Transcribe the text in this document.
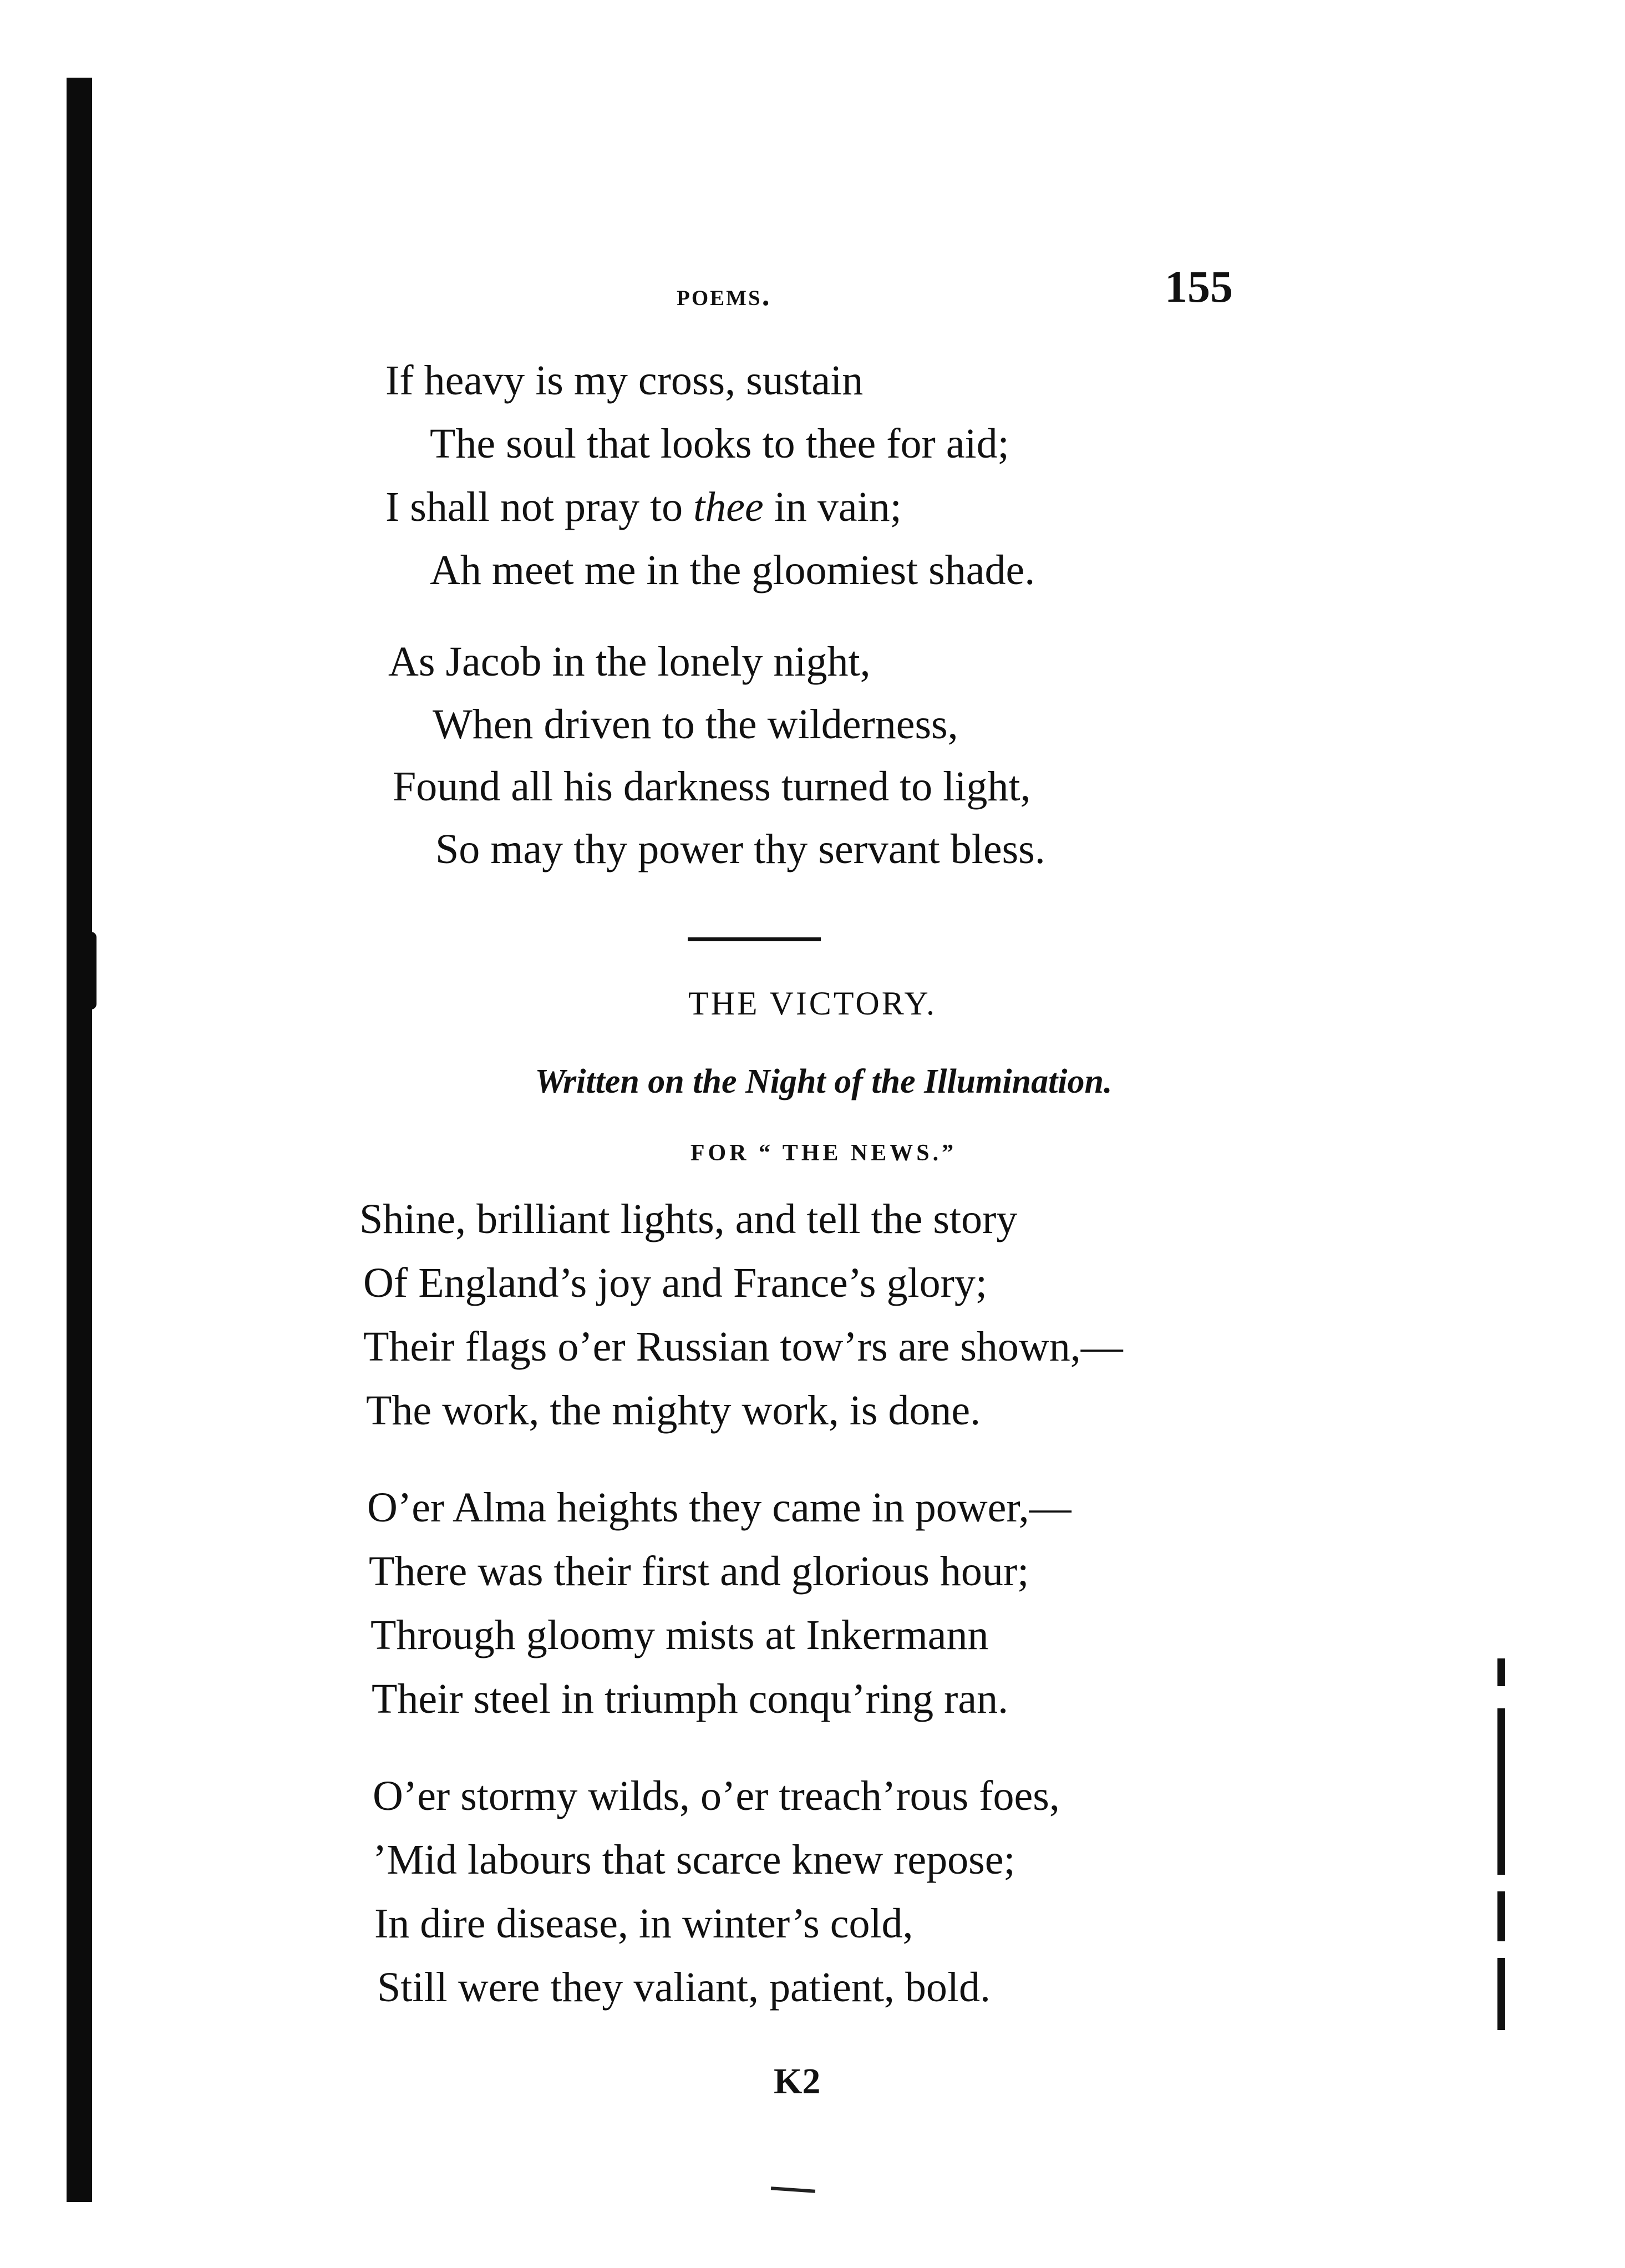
poems.	155
If heavy is my cross, sustain
The soul that looks to thee for aid;
I shall not pray to thee in vain;
Ah meet me in the gloomiest shade.
As Jacob in the lonely night,
When driven to the wilderness,
Found all his darkness turned to light,
So may thy power thy servant bless.
THE VICTORY.
Written on the Night of the Illumination.
FOR “ THE NEWS.”
Shine, brilliant lights, and tell the story
Of England’s joy and France’s glory;
Their flags o’er Russian tow’rs are shown,—
The work, the mighty work, is done.
O’er Alma heights they came in power,—
There was their first and glorious hour;
Through gloomy mists at Inkermann
Their steel in triumph conqu’ring ran.
O’er stormy wilds, o’er treach’rous foes,
’Mid labours that scarce knew repose;
In dire disease, in winter’s cold,
Still were they valiant, patient, bold.
K2
